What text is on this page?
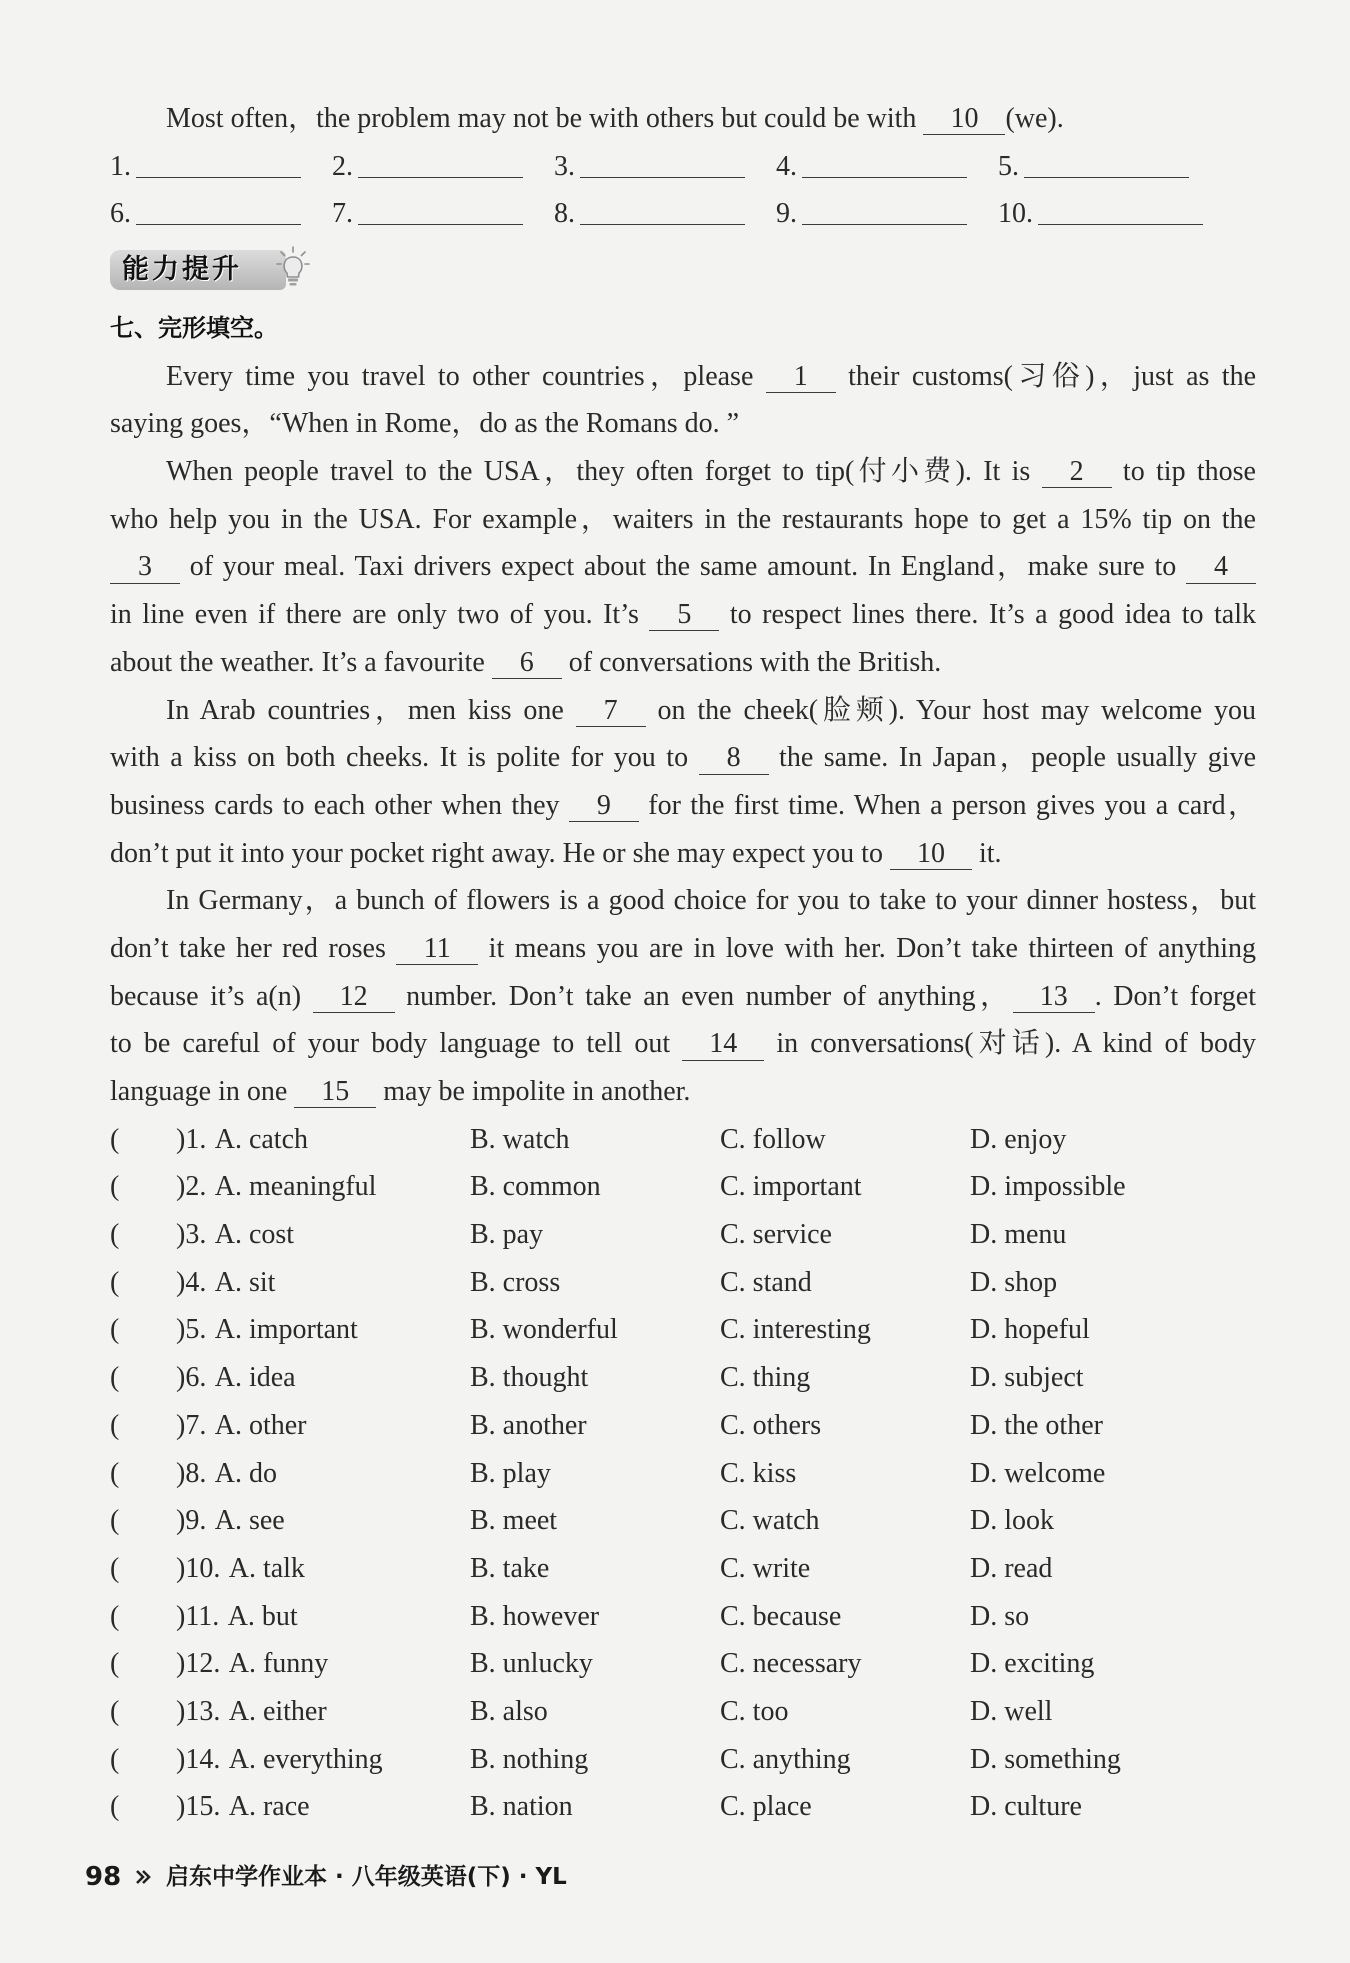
Most often，the problem may not be with others but could be with 10 (we).
1.	2.	3.	4.	5.
6.	7.	8.	9.	10.
能力提升
七、完形填空。
Every time you travel to other countries，please 1 their customs(习俗)，just as the
saying goes，“When in Rome，do as the Romans do. ”
When people travel to the USA，they often forget to tip(付小费). It is 2 to tip those
who help you in the USA. For example，waiters in the restaurants hope to get a 15% tip on the
3 of your meal. Taxi drivers expect about the same amount. In England，make sure to 4
in line even if there are only two of you. It’s 5 to respect lines there. It’s a good idea to talk
about the weather. It’s a favourite 6 of conversations with the British.
In Arab countries，men kiss one 7 on the cheek(脸颊). Your host may welcome you
with a kiss on both cheeks. It is polite for you to 8 the same. In Japan，people usually give
business cards to each other when they 9 for the first time. When a person gives you a card，
don’t put it into your pocket right away. He or she may expect you to 10 it.
In Germany，a bunch of flowers is a good choice for you to take to your dinner hostess，but
don’t take her red roses 11 it means you are in love with her. Don’t take thirteen of anything
because it’s a(n) 12 number. Don’t take an even number of anything， 13 . Don’t forget
to be careful of your body language to tell out 14 in conversations(对话). A kind of body
language in one 15 may be impolite in another.
(	)1. A. catch	B. watch	C. follow	D. enjoy
(	)2. A. meaningful	B. common	C. important	D. impossible
(	)3. A. cost	B. pay	C. service	D. menu
(	)4. A. sit	B. cross	C. stand	D. shop
(	)5. A. important	B. wonderful	C. interesting	D. hopeful
(	)6. A. idea	B. thought	C. thing	D. subject
(	)7. A. other	B. another	C. others	D. the other
(	)8. A. do	B. play	C. kiss	D. welcome
(	)9. A. see	B. meet	C. watch	D. look
(	)10. A. talk	B. take	C. write	D. read
(	)11. A. but	B. however	C. because	D. so
(	)12. A. funny	B. unlucky	C. necessary	D. exciting
(	)13. A. either	B. also	C. too	D. well
(	)14. A. everything	B. nothing	C. anything	D. something
(	)15. A. race	B. nation	C. place	D. culture
98 启东中学作业本 · 八年级英语(下) · YL
